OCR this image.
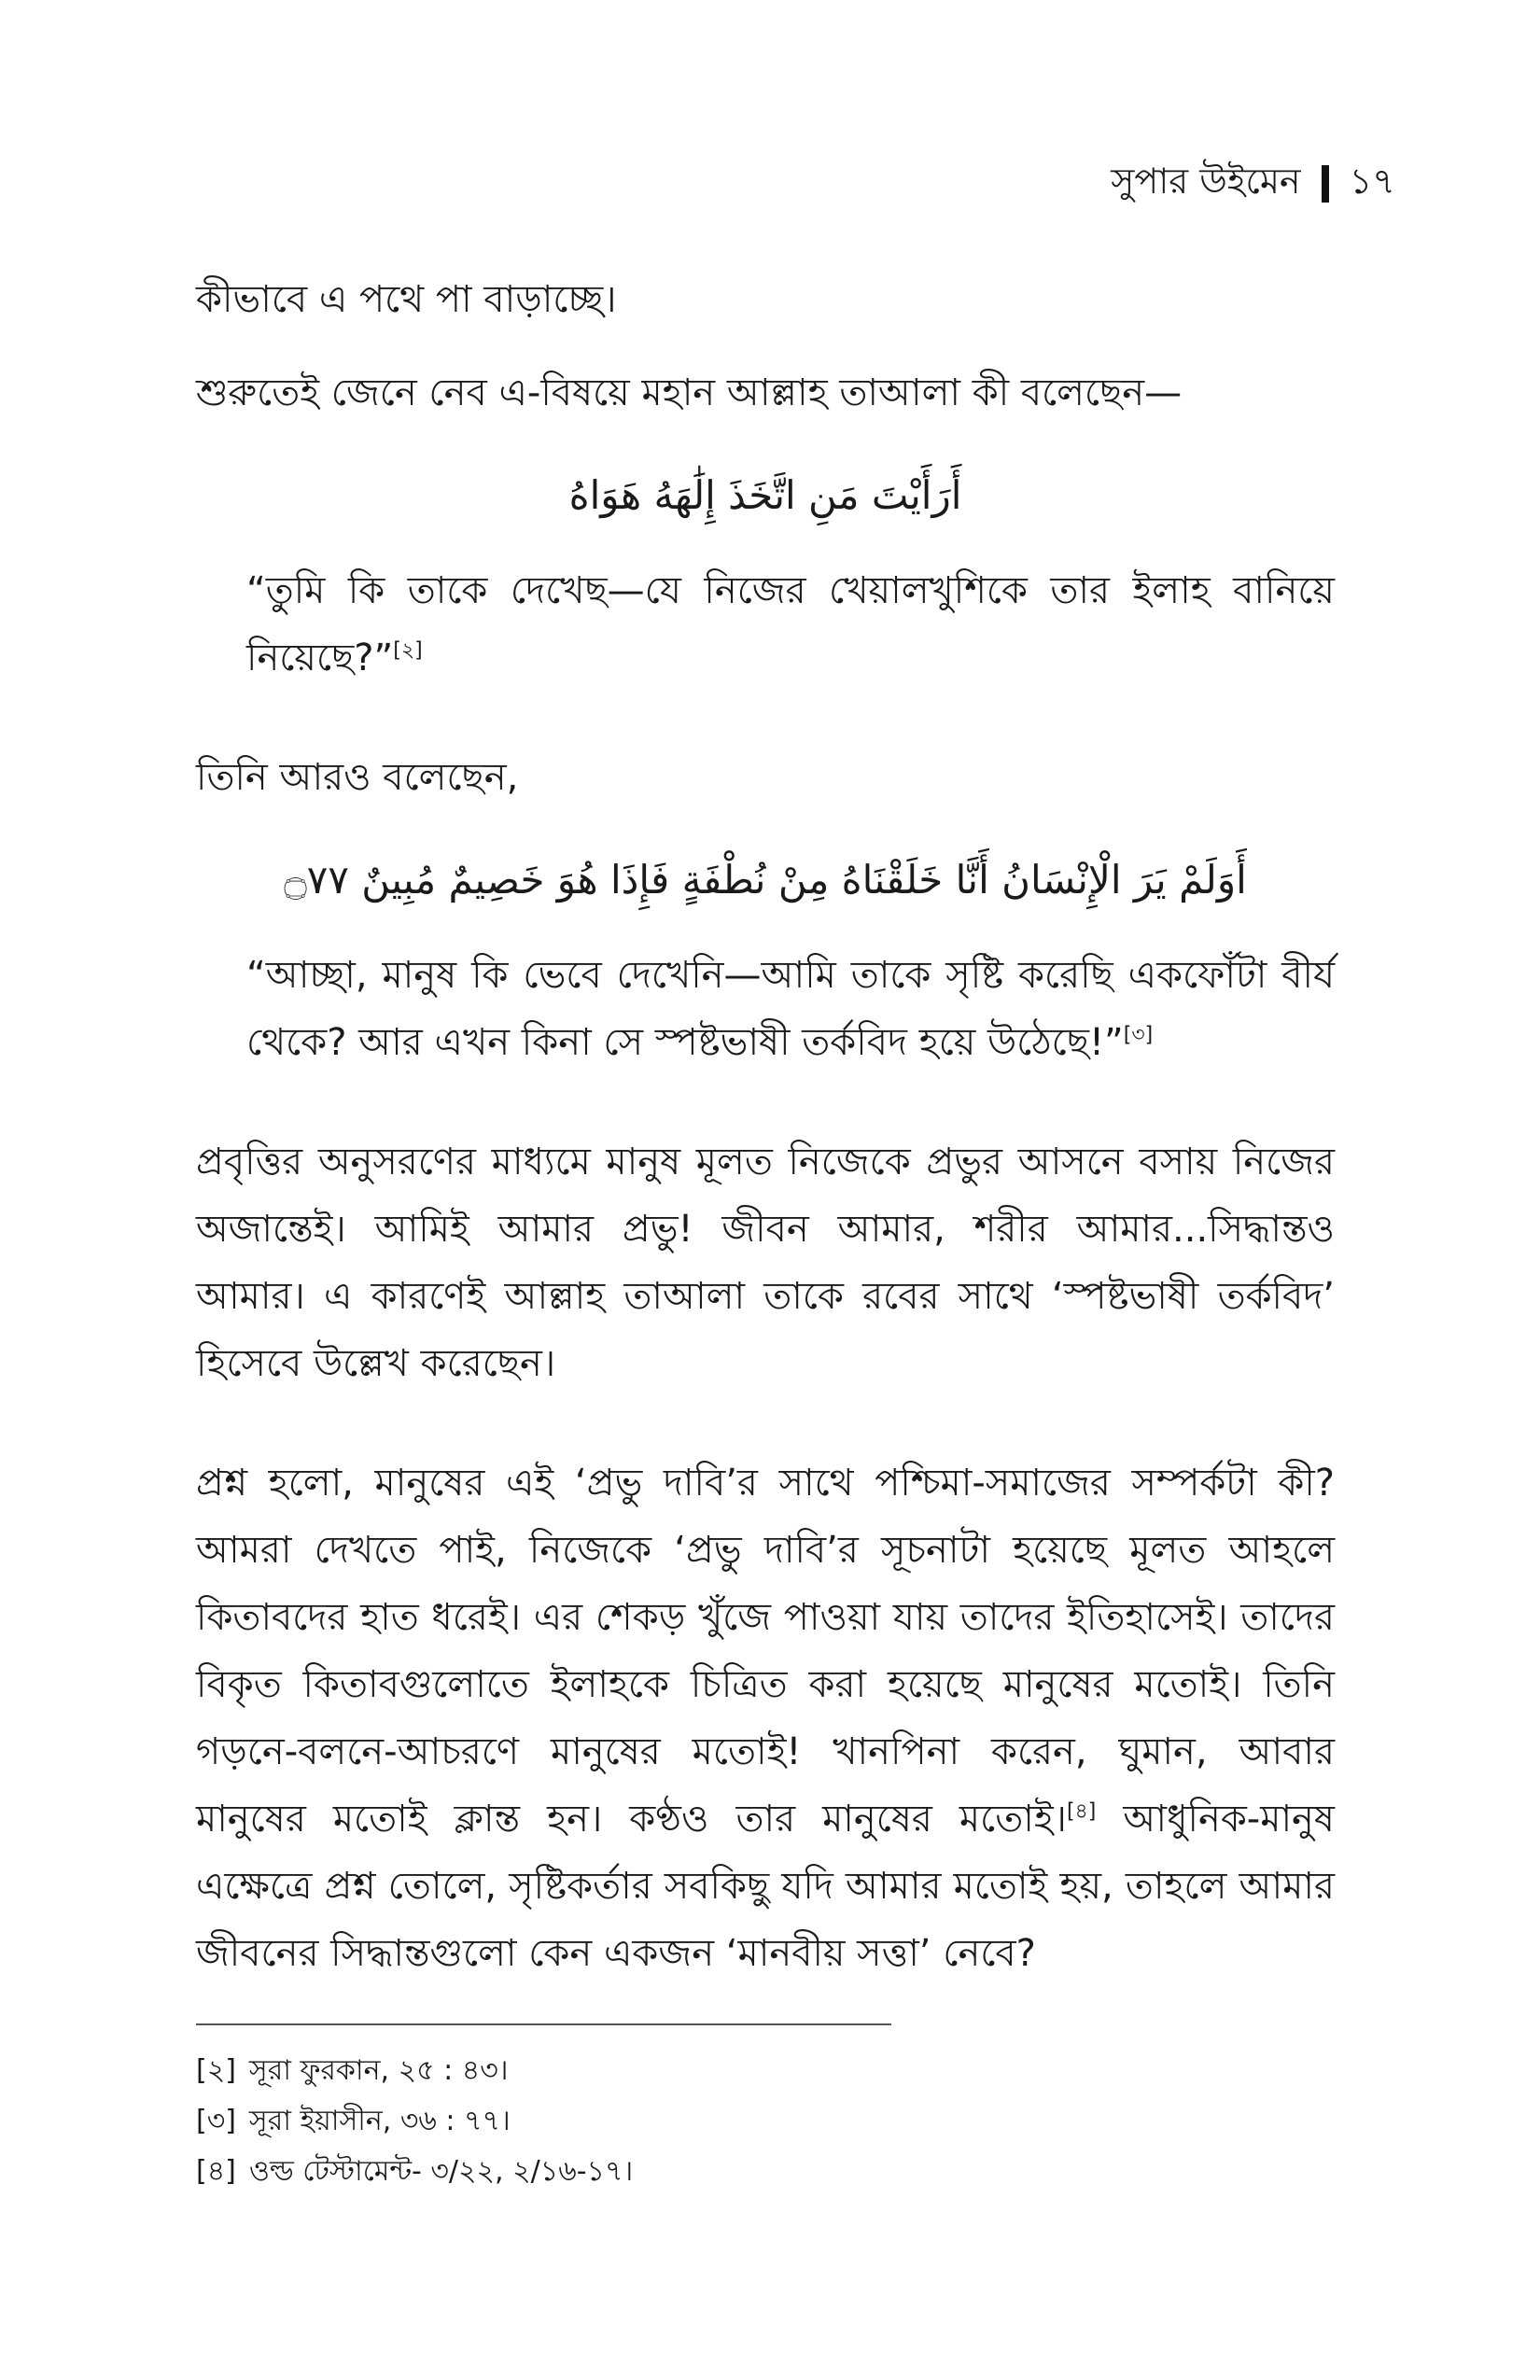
সুপার উইমেন ১৭

কীভাবে এ পথে পা বাড়াচ্ছে।

শুরুতেই জেনে নেব এ-বিষয়ে মহান আল্লাহ তাআলা কী বলেছেন—

أَرَأَيْتَ مَنِ اتَّخَذَ إِلَٰهَهُ هَوَاهُ

“তুমি কি তাকে দেখেছ—যে নিজের খেয়ালখুশিকে তার ইলাহ বানিয়ে নিয়েছে?”[২]

তিনি আরও বলেছেন,

أَوَلَمْ يَرَ الْإِنْسَانُ أَنَّا خَلَقْنَاهُ مِنْ نُطْفَةٍ فَإِذَا هُوَ خَصِيمٌ مُبِينٌ ۝٧٧

“আচ্ছা, মানুষ কি ভেবে দেখেনি—আমি তাকে সৃষ্টি করেছি একফোঁটা বীর্য থেকে? আর এখন কিনা সে স্পষ্টভাষী তর্কবিদ হয়ে উঠেছে!”[৩]

প্রবৃত্তির অনুসরণের মাধ্যমে মানুষ মূলত নিজেকে প্রভুর আসনে বসায় নিজের অজান্তেই। আমিই আমার প্রভু! জীবন আমার, শরীর আমার...সিদ্ধান্তও আমার। এ কারণেই আল্লাহ তাআলা তাকে রবের সাথে ‘স্পষ্টভাষী তর্কবিদ’ হিসেবে উল্লেখ করেছেন।

প্রশ্ন হলো, মানুষের এই ‘প্রভু দাবি’র সাথে পশ্চিমা-সমাজের সম্পর্কটা কী? আমরা দেখতে পাই, নিজেকে ‘প্রভু দাবি’র সূচনাটা হয়েছে মূলত আহলে কিতাবদের হাত ধরেই। এর শেকড় খুঁজে পাওয়া যায় তাদের ইতিহাসেই। তাদের বিকৃত কিতাবগুলোতে ইলাহকে চিত্রিত করা হয়েছে মানুষের মতোই। তিনি গড়নে-বলনে-আচরণে মানুষের মতোই! খানপিনা করেন, ঘুমান, আবার মানুষের মতোই ক্লান্ত হন। কণ্ঠও তার মানুষের মতোই।[৪] আধুনিক-মানুষ এক্ষেত্রে প্রশ্ন তোলে, সৃষ্টিকর্তার সবকিছু যদি আমার মতোই হয়, তাহলে আমার জীবনের সিদ্ধান্তগুলো কেন একজন ‘মানবীয় সত্তা’ নেবে?

[২] সূরা ফুরকান, ২৫ : ৪৩।
[৩] সূরা ইয়াসীন, ৩৬ : ৭৭।
[৪] ওল্ড টেস্টামেন্ট- ৩/২২, ২/১৬-১৭।
